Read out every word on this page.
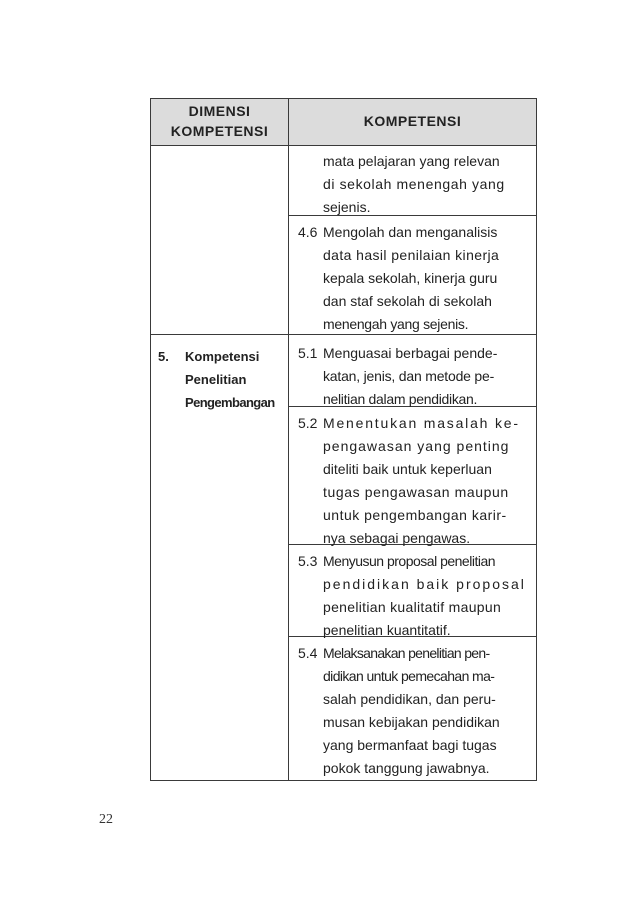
DIMENSI
KOMPETENSI
KOMPETENSI
5. Kompetensi
Penelitian
Pengembangan
mata pelajaran yang relevan
di sekolah menengah yang
sejenis.
4.6 Mengolah dan menganalisis
data hasil penilaian kinerja
kepala sekolah, kinerja guru
dan staf sekolah di sekolah
menengah yang sejenis.
5.1 Menguasai berbagai pende-
katan, jenis, dan metode pe-
nelitian dalam pendidikan.
5.2 Menentukan masalah ke-
pengawasan yang penting
diteliti baik untuk keperluan
tugas pengawasan maupun
untuk pengembangan karir-
nya sebagai pengawas.
5.3 Menyusun proposal penelitian
pendidikan baik proposal
penelitian kualitatif maupun
penelitian kuantitatif.
5.4 Melaksanakan penelitian pen-
didikan untuk pemecahan ma-
salah pendidikan, dan peru-
musan kebijakan pendidikan
yang bermanfaat bagi tugas
pokok tanggung jawabnya.
22
